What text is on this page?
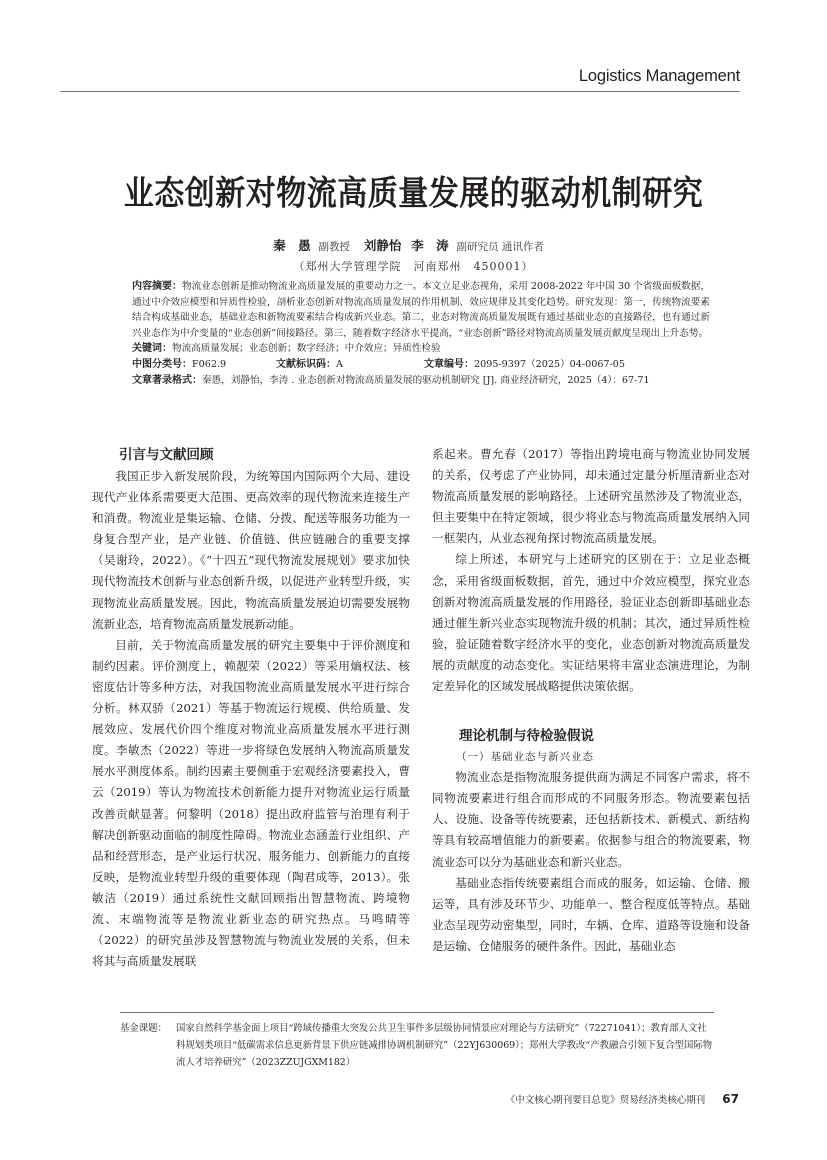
Logistics Management
业态创新对物流高质量发展的驱动机制研究
秦　愚 副教授 刘静怡 李　涛 副研究员 通讯作者
（郑州大学管理学院　河南郑州　450001）

内容摘要：物流业态创新是推动物流业高质量发展的重要动力之一。本文立足业态视角，采用 2008-2022 年中国 30 个省级面板数据，通过中介效应模型和异质性检验，剖析业态创新对物流高质量发展的作用机制、效应规律及其变化趋势。研究发现：第一，传统物流要素结合构成基础业态，基础业态和新物流要素结合构成新兴业态。第二，业态对物流高质量发展既有通过基础业态的直接路径，也有通过新兴业态作为中介变量的“业态创新”间接路径。第三，随着数字经济水平提高，“业态创新”路径对物流高质量发展贡献度呈现出上升态势。

关键词：物流高质量发展；业态创新；数字经济；中介效应；异质性检验

中图分类号：F062.9	文献标识码：A	文章编号：2095-9397（2025）04-0067-05

文章著录格式：秦愚，刘静怡，李涛 . 业态创新对物流高质量发展的驱动机制研究 [J]. 商业经济研究，2025（4）：67-71

引言与文献回顾

我国正步入新发展阶段，为统筹国内国际两个大局、建设现代产业体系需要更大范围、更高效率的现代物流来连接生产和消费。物流业是集运输、仓储、分拨、配送等服务功能为一身复合型产业，是产业链、价值链、供应链融合的重要支撑（吴谢玲，2022）。《“十四五”现代物流发展规划》要求加快现代物流技术创新与业态创新升级，以促进产业转型升级，实现物流业高质量发展。因此，物流高质量发展迫切需要发展物流新业态，培育物流高质量发展新动能。

目前，关于物流高质量发展的研究主要集中于评价测度和制约因素。评价测度上，赖靓荣（2022）等采用熵权法、核密度估计等多种方法，对我国物流业高质量发展水平进行综合分析。林双骄（2021）等基于物流运行规模、供给质量、发展效应、发展代价四个维度对物流业高质量发展水平进行测度。李敏杰（2022）等进一步将绿色发展纳入物流高质量发展水平测度体系。制约因素主要侧重于宏观经济要素投入，曹云（2019）等认为物流技术创新能力提升对物流业运行质量改善贡献显著。何黎明（2018）提出政府监管与治理有利于解决创新驱动面临的制度性障碍。物流业态涵盖行业组织、产品和经营形态，是产业运行状况、服务能力、创新能力的直接反映，是物流业转型升级的重要体现（陶君成等，2013）。张敏洁（2019）通过系统性文献回顾指出智慧物流、跨境物流、末端物流等是物流业新业态的研究热点。马鸣晴等（2022）的研究虽涉及智慧物流与物流业发展的关系，但未将其与高质量发展联

系起来。曹允春（2017）等指出跨境电商与物流业协同发展的关系，仅考虑了产业协同，却未通过定量分析厘清新业态对物流高质量发展的影响路径。上述研究虽然涉及了物流业态，但主要集中在特定领域，很少将业态与物流高质量发展纳入同一框架内，从业态视角探讨物流高质量发展。

综上所述，本研究与上述研究的区别在于：立足业态概念，采用省级面板数据，首先，通过中介效应模型，探究业态创新对物流高质量发展的作用路径，验证业态创新即基础业态通过催生新兴业态实现物流升级的机制；其次，通过异质性检验，验证随着数字经济水平的变化，业态创新对物流高质量发展的贡献度的动态变化。实证结果将丰富业态演进理论，为制定差异化的区域发展战略提供决策依据。

理论机制与待检验假说
（一）基础业态与新兴业态

物流业态是指物流服务提供商为满足不同客户需求，将不同物流要素进行组合而形成的不同服务形态。物流要素包括人、设施、设备等传统要素，还包括新技术、新模式、新结构等具有较高增值能力的新要素。依据参与组合的物流要素，物流业态可以分为基础业态和新兴业态。

基础业态指传统要素组合而成的服务，如运输、仓储、搬运等，具有涉及环节少、功能单一、整合程度低等特点。基础业态呈现劳动密集型，同时，车辆、仓库、道路等设施和设备是运输、仓储服务的硬件条件。因此，基础业态

基金课题： 国家自然科学基金面上项目“跨域传播重大突发公共卫生事件多层级协同情景应对理论与方法研究”（72271041）；教育部人文社科规划类项目“低碳需求信息更新背景下供应链减排协调机制研究”（22YJ630069）；郑州大学教改“产教融合引领下复合型国际物流人才培养研究”（2023ZZUJGXM182）
《中文核心期刊要目总览》贸易经济类核心期刊 67
